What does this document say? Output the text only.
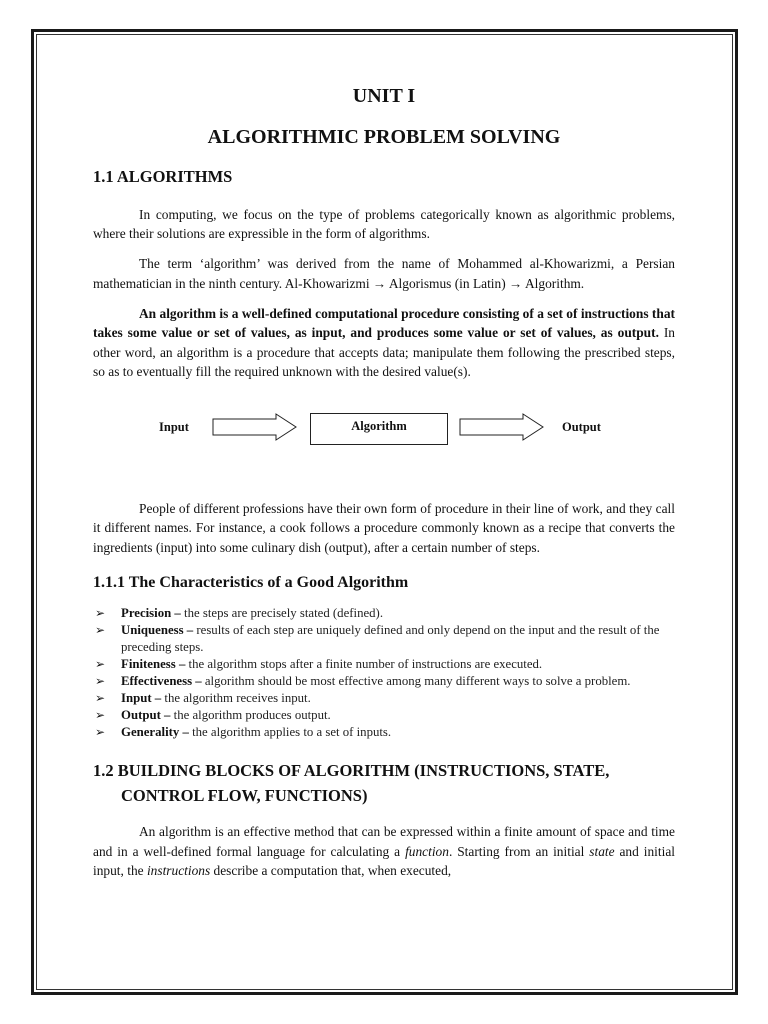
UNIT I
ALGORITHMIC PROBLEM SOLVING
1.1 ALGORITHMS

In computing, we focus on the type of problems categorically known as algorithmic problems, where their solutions are expressible in the form of algorithms.

The term ‘algorithm’ was derived from the name of Mohammed al-Khowarizmi, a Persian mathematician in the ninth century. Al-Khowarizmi → Algorismus (in Latin) → Algorithm.

An algorithm is a well-defined computational procedure consisting of a set of instructions that takes some value or set of values, as input, and produces some value or set of values, as output. In other word, an algorithm is a procedure that accepts data; manipulate them following the prescribed steps, so as to eventually fill the required unknown with the desired value(s).

Input	Algorithm	Output

People of different professions have their own form of procedure in their line of work, and they call it different names. For instance, a cook follows a procedure commonly known as a recipe that converts the ingredients (input) into some culinary dish (output), after a certain number of steps.

1.1.1 The Characteristics of a Good Algorithm
➢ Precision – the steps are precisely stated (defined).
➢ Uniqueness – results of each step are uniquely defined and only depend on the input and the result of the preceding steps.
➢ Finiteness – the algorithm stops after a finite number of instructions are executed.
➢ Effectiveness – algorithm should be most effective among many different ways to solve a problem.
➢ Input – the algorithm receives input.
➢ Output – the algorithm produces output.
➢ Generality – the algorithm applies to a set of inputs.
1.2 BUILDING BLOCKS OF ALGORITHM (INSTRUCTIONS, STATE,
CONTROL FLOW, FUNCTIONS)

An algorithm is an effective method that can be expressed within a finite amount of space and time and in a well-defined formal language for calculating a function. Starting from an initial state and initial input, the instructions describe a computation that, when executed,
